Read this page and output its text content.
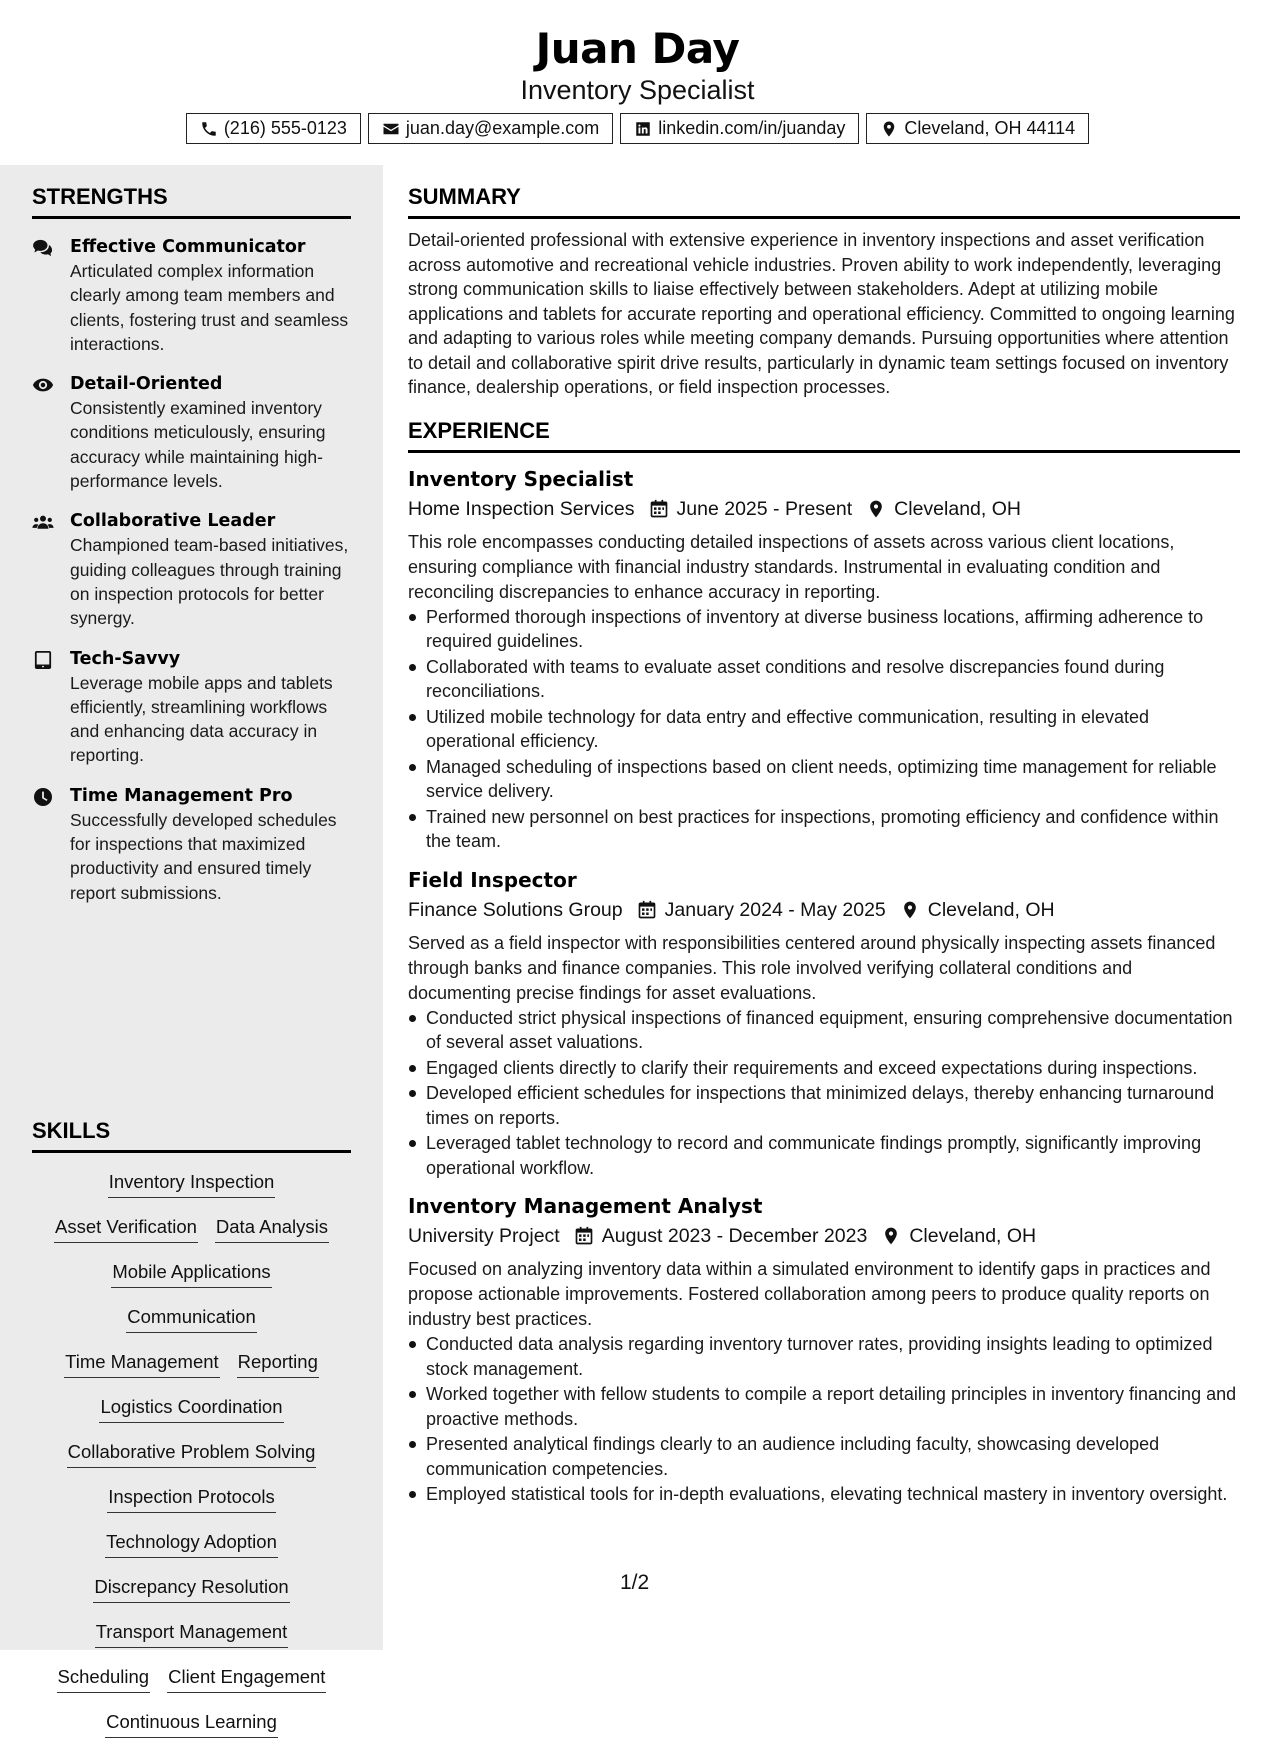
Juan Day
Inventory Specialist
(216) 555-0123	juan.day@example.com	linkedin.com/in/juanday	Cleveland, OH 44114
STRENGTHS
Effective Communicator
Articulated complex information clearly among team members and clients, fostering trust and seamless interactions.
Detail-Oriented
Consistently examined inventory conditions meticulously, ensuring accuracy while maintaining high-performance levels.
Collaborative Leader
Championed team-based initiatives, guiding colleagues through training on inspection protocols for better synergy.
Tech-Savvy
Leverage mobile apps and tablets efficiently, streamlining workflows and enhancing data accuracy in reporting.
Time Management Pro
Successfully developed schedules for inspections that maximized productivity and ensured timely report submissions.
SKILLS
Inventory Inspection
Asset Verification Data Analysis
Mobile Applications
Communication
Time Management Reporting
Logistics Coordination
Collaborative Problem Solving
Inspection Protocols
Technology Adoption
Discrepancy Resolution
Transport Management
Scheduling Client Engagement
Continuous Learning
SUMMARY
Detail-oriented professional with extensive experience in inventory inspections and asset verification across automotive and recreational vehicle industries. Proven ability to work independently, leveraging strong communication skills to liaise effectively between stakeholders. Adept at utilizing mobile applications and tablets for accurate reporting and operational efficiency. Committed to ongoing learning and adapting to various roles while meeting company demands. Pursuing opportunities where attention to detail and collaborative spirit drive results, particularly in dynamic team settings focused on inventory finance, dealership operations, or field inspection processes.
EXPERIENCE
Inventory Specialist
Home Inspection Services June 2025 - Present Cleveland, OH
This role encompasses conducting detailed inspections of assets across various client locations, ensuring compliance with financial industry standards. Instrumental in evaluating condition and reconciling discrepancies to enhance accuracy in reporting.
Performed thorough inspections of inventory at diverse business locations, affirming adherence to required guidelines.
Collaborated with teams to evaluate asset conditions and resolve discrepancies found during reconciliations.
Utilized mobile technology for data entry and effective communication, resulting in elevated operational efficiency.
Managed scheduling of inspections based on client needs, optimizing time management for reliable service delivery.
Trained new personnel on best practices for inspections, promoting efficiency and confidence within the team.
Field Inspector
Finance Solutions Group January 2024 - May 2025 Cleveland, OH
Served as a field inspector with responsibilities centered around physically inspecting assets financed through banks and finance companies. This role involved verifying collateral conditions and documenting precise findings for asset evaluations.
Conducted strict physical inspections of financed equipment, ensuring comprehensive documentation of several asset valuations.
Engaged clients directly to clarify their requirements and exceed expectations during inspections.
Developed efficient schedules for inspections that minimized delays, thereby enhancing turnaround times on reports.
Leveraged tablet technology to record and communicate findings promptly, significantly improving operational workflow.
Inventory Management Analyst
University Project August 2023 - December 2023 Cleveland, OH
Focused on analyzing inventory data within a simulated environment to identify gaps in practices and propose actionable improvements. Fostered collaboration among peers to produce quality reports on industry best practices.
Conducted data analysis regarding inventory turnover rates, providing insights leading to optimized stock management.
Worked together with fellow students to compile a report detailing principles in inventory financing and proactive methods.
Presented analytical findings clearly to an audience including faculty, showcasing developed communication competencies.
Employed statistical tools for in-depth evaluations, elevating technical mastery in inventory oversight.
1/2
